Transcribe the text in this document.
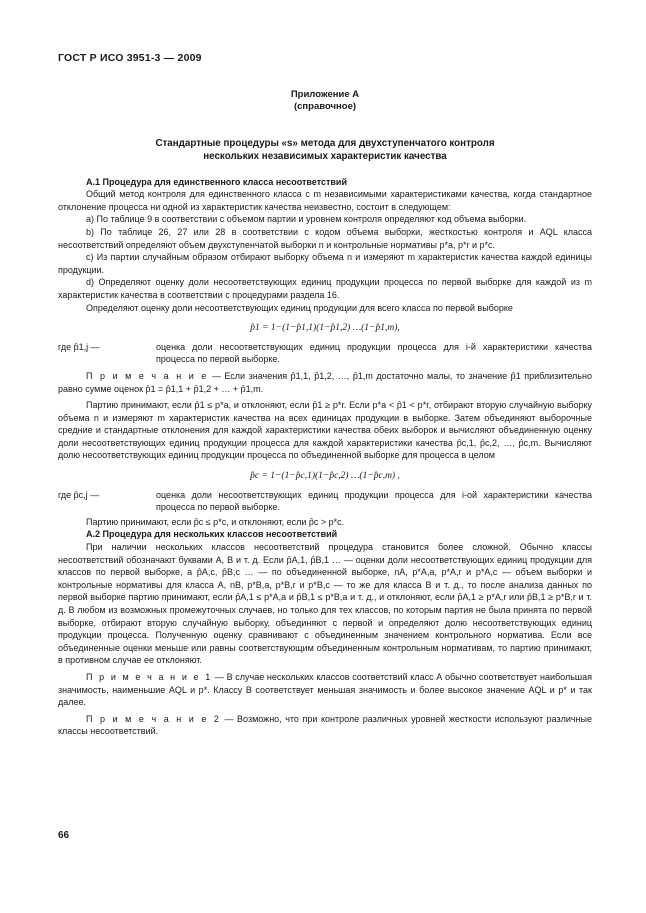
ГОСТ Р ИСО 3951-3 — 2009
Приложение А
(справочное)
Стандартные процедуры «s» метода для двухступенчатого контроля
нескольких независимых характеристик качества
А.1 Процедура для единственного класса несоответствий

Общий метод контроля для единственного класса с m независимыми характеристиками качества, когда стандартное отклонение процесса ни одной из характеристик качества неизвестно, состоит в следующем:

а) По таблице 9 в соответствии с объемом партии и уровнем контроля определяют код объема выборки.

b) По таблице 26, 27 или 28 в соответствии с кодом объема выборки, жесткостью контроля и AQL класса несоответствий определяют объем двухступенчатой выборки n и контрольные нормативы p*a, p*r и p*c.

с) Из партии случайным образом отбирают выборку объема n и измеряют m характеристик качества каждой единицы продукции.

d) Определяют оценку доли несоответствующих единиц продукции процесса по первой выборке для каждой из m характеристик качества в соответствии с процедурами раздела 16.

Определяют оценку доли несоответствующих единиц продукции для всего класса по первой выборке

p̂1 = 1−(1−p̂1,1)(1−p̂1,2) …(1−p̂1,m),
где p̂1,j —	оценка доли несоответствующих единиц продукции процесса для i-й характеристики качества процесса по первой выборке.

П р и м е ч а н и е — Если значения p̂1,1, p̂1,2, …, p̂1,m достаточно малы, то значение p̂1 приблизительно равно сумме оценок p̂1 = p̂1,1 + p̂1,2 + … + p̂1,m.

Партию принимают, если p̂1 ≤ p*a, и отклоняют, если p̂1 ≥ p*r. Если p*a < p̂1 < p*r, отбирают вторую случайную выборку объема n и измеряют m характеристик качества на всех единицах продукции в выборке. Затем объединяют выборочные средние и стандартные отклонения для каждой характеристики качества обеих выборок и вычисляют объединенную оценку доли несоответствующих единиц продукции процесса для каждой характеристики качества p̂c,1, p̂c,2, …, p̂c,m. Вычисляют долю несоответствующих единиц продукции процесса по объединенной выборке для процесса в целом

p̂c = 1−(1−p̂c,1)(1−p̂c,2) …(1−p̂c,m) ,
где p̂c,j —	оценка доли несоответствующих единиц продукции процесса для i-ой характеристики качества процесса по первой выборке.

Партию принимают, если p̂c ≤ p*c, и отклоняют, если p̂c > p*c.

А.2 Процедура для нескольких классов несоответствий

При наличии нескольких классов несоответствий процедура становится более сложной. Обычно классы несоответствий обозначают буквами А, В и т. д. Если p̂A,1, p̂B,1 … — оценки доли несоответствующих единиц продукции для классов по первой выборке, а p̂A,c, p̂B,c … — по объединенной выборке, nA, p*A,a, p*A,r и p*A,c — объем выборки и контрольные нормативы для класса А, nB, p*B,a, p*B,r и p*B,c — то же для класса В и т. д., то после анализа данных по первой выборке партию принимают, если p̂A,1 ≤ p*A,a и p̂B,1 ≤ p*B,a и т. д., и отклоняют, если p̂A,1 ≥ p*A,r или p̂B,1 ≥ p*B,r и т. д. В любом из возможных промежуточных случаев, но только для тех классов, по которым партия не была принята по первой выборке, отбирают вторую случайную выборку, объединяют с первой и определяют долю несоответствующих единиц продукции процесса. Полученную оценку сравнивают с объединенным значением контрольного норматива. Если все объединенные оценки меньше или равны соответствующим объединенным контрольным нормативам, то партию принимают, в противном случае ее отклоняют.

П р и м е ч а н и е 1 — В случае нескольких классов соответствий класс А обычно соответствует наибольшая значимость, наименьшие AQL и p*. Классу В соответствует меньшая значимость и более высокое значение AQL и p* и так далее.

П р и м е ч а н и е 2 — Возможно, что при контроле различных уровней жесткости используют различные классы несоответствий.

66
